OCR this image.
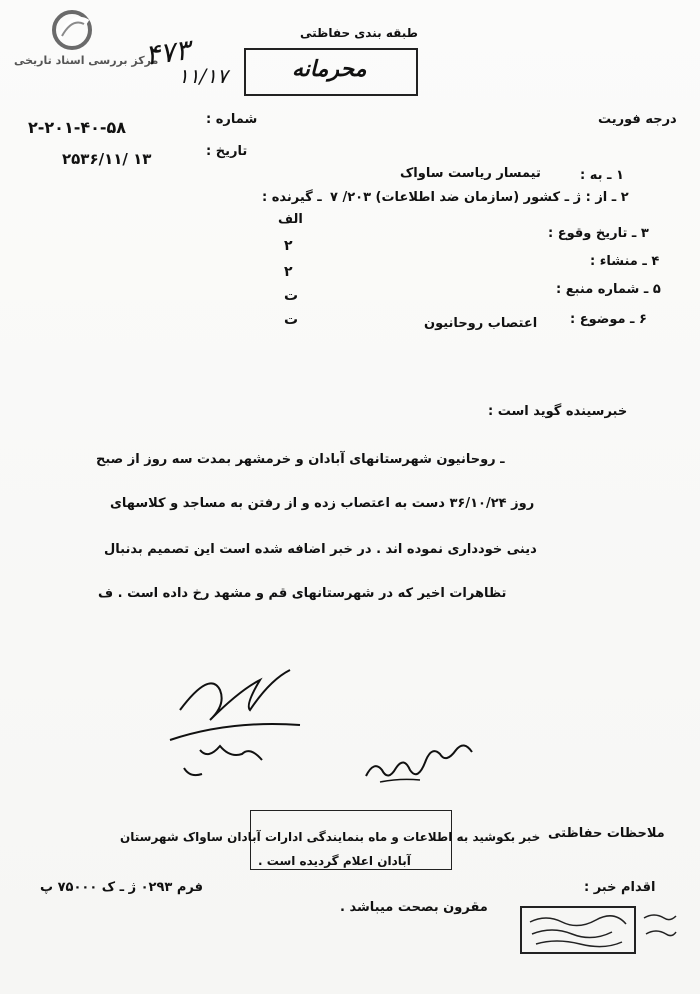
مرکز بررسی اسناد تاریخی
طبقه بندی حفاظتی
محرمانه
۴۷۳
۱۱/۱۷
درجه فوریت
شماره :
۲-۲۰۱-۴۰-۵۸
تاریخ :
۲۵۳۶/۱۱/ ۱۳
۱ ـ به :
تیمسار ریاست ساواک
۲ ـ از : ژ ـ کشور (سازمان ضد اطلاعات) ۲۰۳/ ۷
ـ گیرنده :
۳ ـ تاریخ وقوع :
۴ ـ منشاء :
۵ ـ شماره منبع :
۶ ـ موضوع :
اعتصاب روحانیون
الف
۲
۲
ت
ت
خبرسینده گوید است :
ـ روحانیون شهرستانهای آبادان و خرمشهر بمدت سه روز از صبح
روز ۳۶/۱۰/۲۴ دست به اعتصاب زده و از رفتن به مساجد و کلاسهای
دینی خودداری نموده اند . در خبر اضافه شده است این تصمیم بدنبال
تظاهرات اخیر که در شهرستانهای قم و مشهد رخ داده است . ف
ملاحظات حفاظتی
خبر بکوشید به اطلاعات و ماه بنمایندگی ادارات آبادان ساواک شهرستان
آبادان اعلام گردیده است .
اقدام خبر :
فرم ۰۲۹۳ ژ ـ ک ۷۵۰۰۰ پ
مقرون بصحت میباشد .
